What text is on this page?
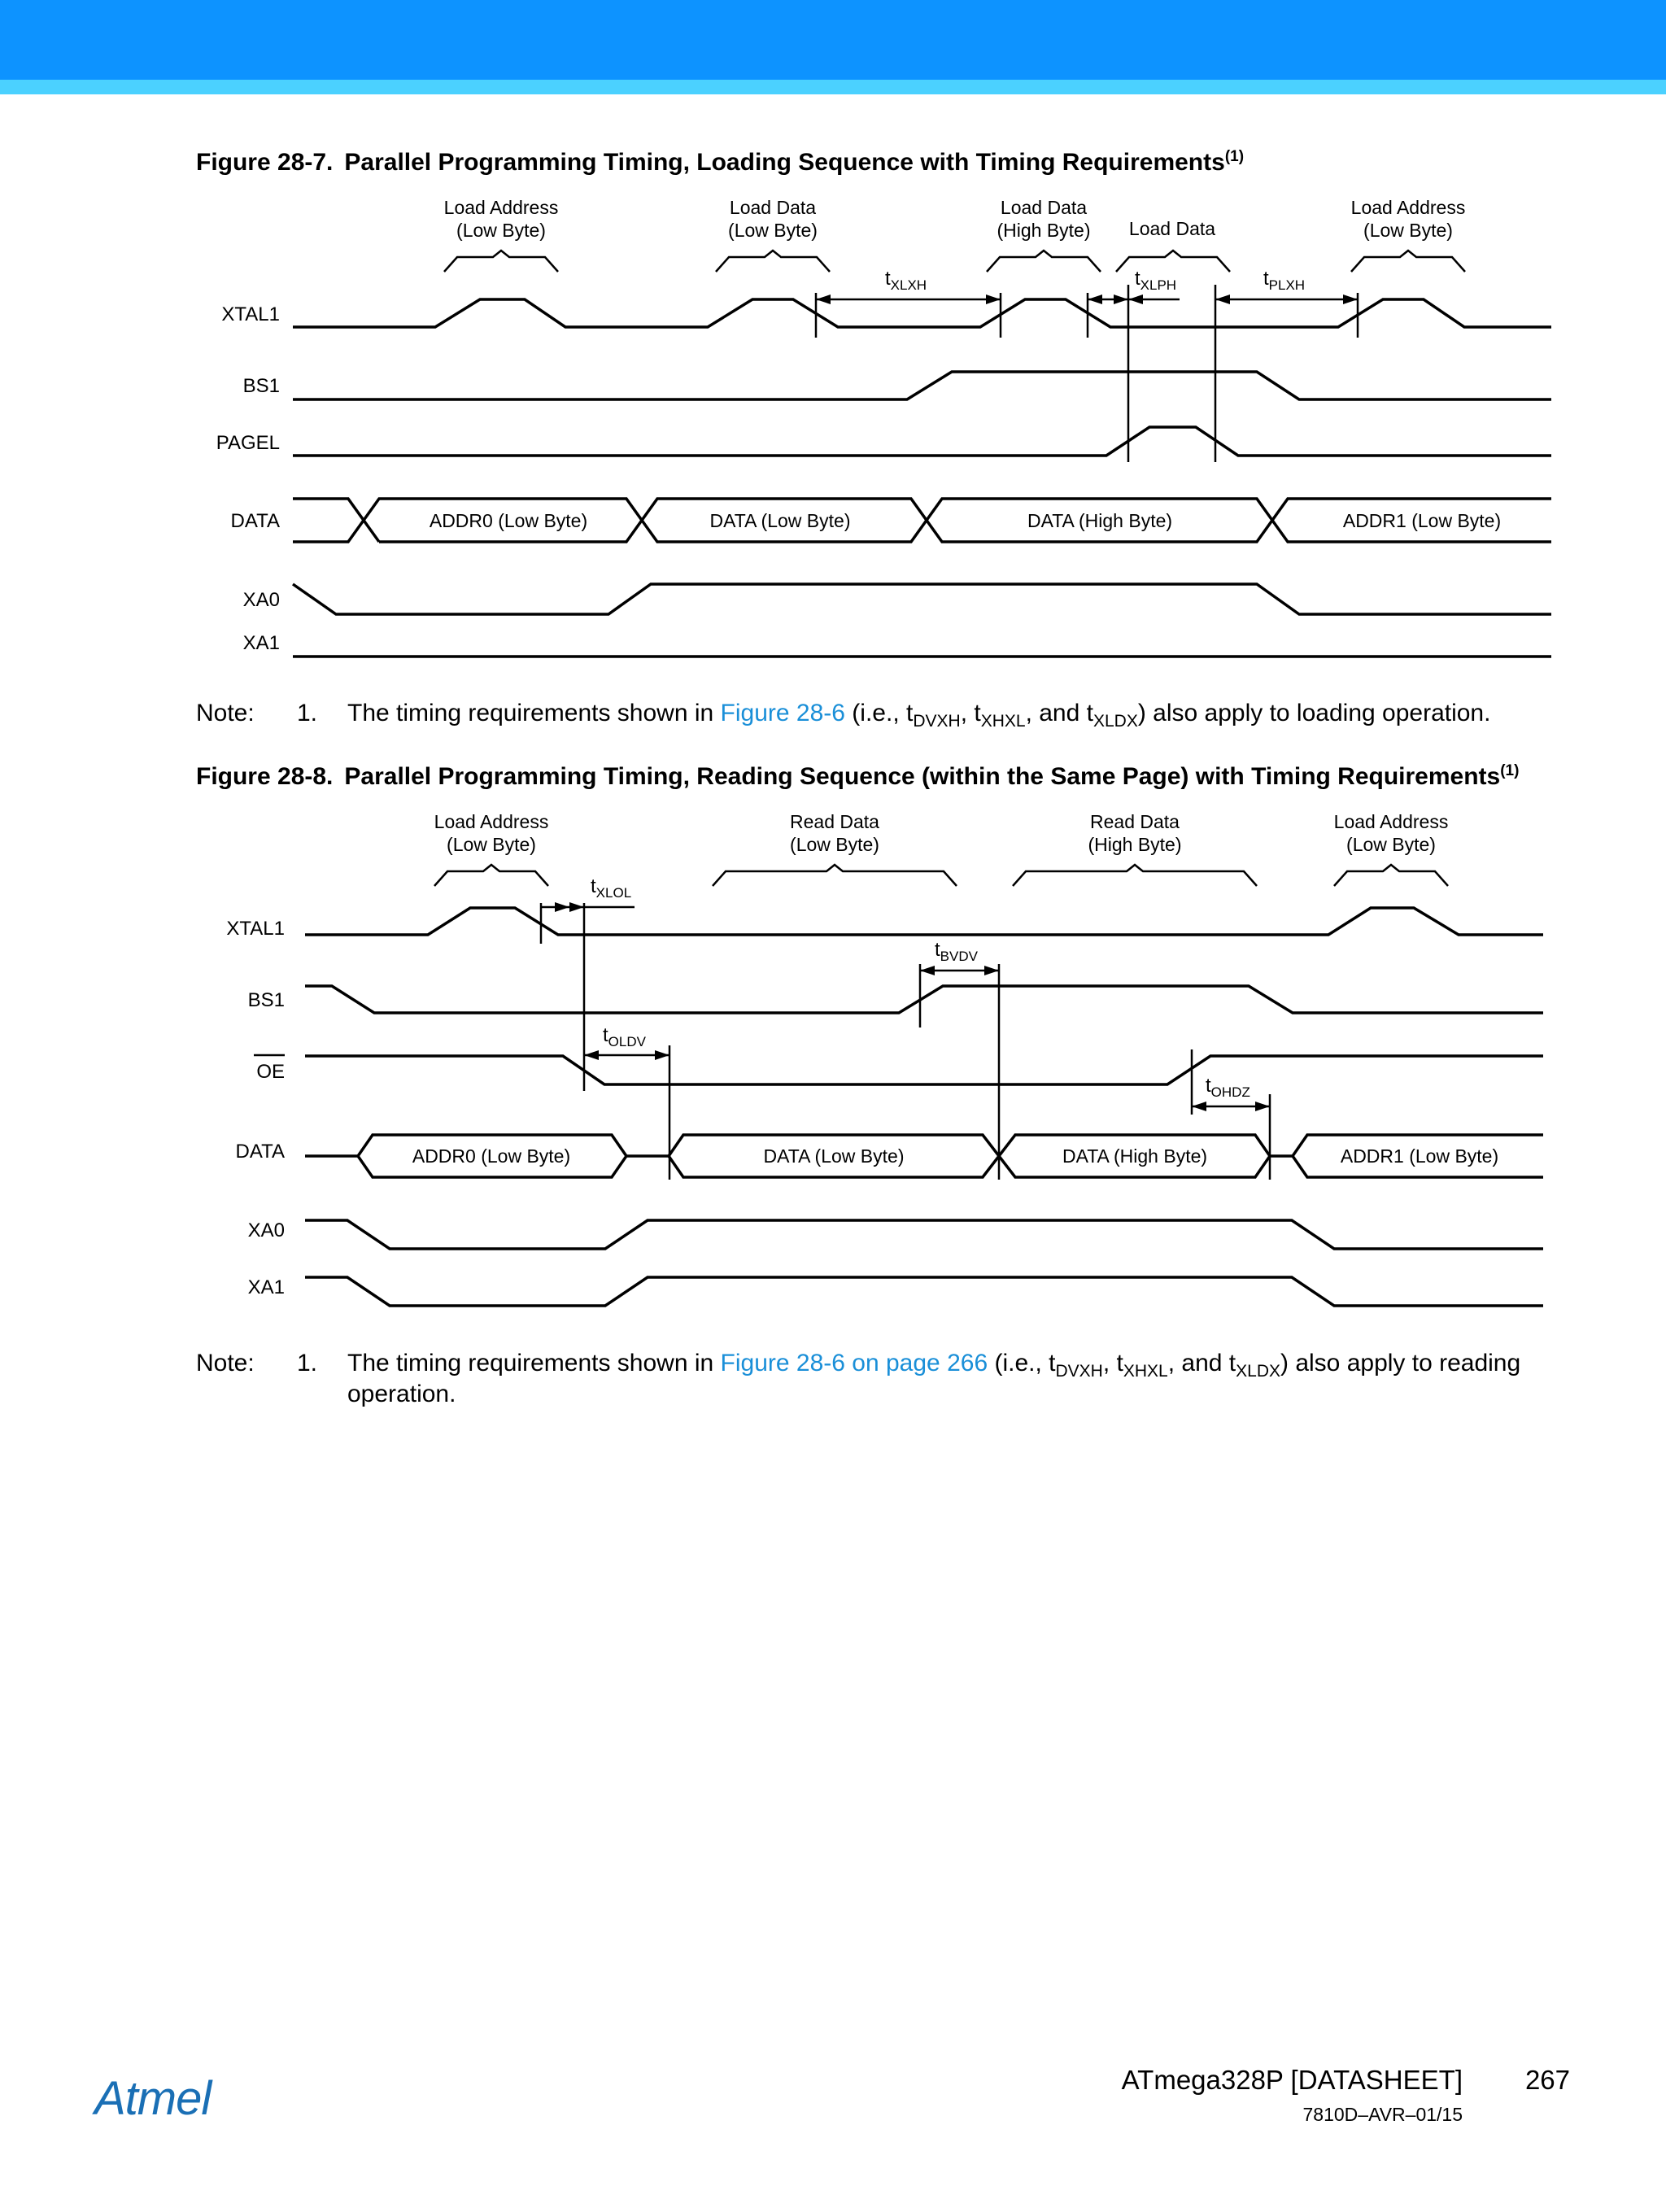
Figure 28-7. Parallel Programming Timing, Loading Sequence with Timing Requirements$^{(1)}$
Load Address
(Low Byte)
Load Data
(Low Byte)
Load Data
(High Byte) Load Data
Load Address
(Low Byte)
XTAL1
BS1
PAGEL
DATA
XA0
XA1
ADDR0 (Low Byte)	DATA (Low Byte)	DATA (High Byte)	ADDR1 (Low Byte)
$t_{XLXH}$	$t_{XLPH}$	$t_{PLXH}$
Note: 1. The timing requirements shown in Figure 28-6 (i.e., $t_{DVXH}$, $t_{XHXL}$, and $t_{XLDX}$) also apply to loading operation.
Figure 28-8. Parallel Programming Timing, Reading Sequence (within the Same Page) with Timing Requirements$^{(1)}$
Load Address
(Low Byte)
Read Data
(Low Byte)
Read Data
(High Byte)
Load Address
(Low Byte)
XTAL1
BS1
OE
DATA
XA0
XA1
ADDR0 (Low Byte)	DATA (Low Byte)	DATA (High Byte)	ADDR1 (Low Byte)
$t_{XLOL}$
$t_{BVDV}$
$t_{OLDV}$
$t_{OHDZ}$
Note: 1. The timing requirements shown in Figure 28-6 on page 266 (i.e., $t_{DVXH}$, $t_{XHXL}$, and $t_{XLDX}$) also apply to reading
operation.
Atmel	ATmega328P [DATASHEET] 267
7810D–AVR–01/15
